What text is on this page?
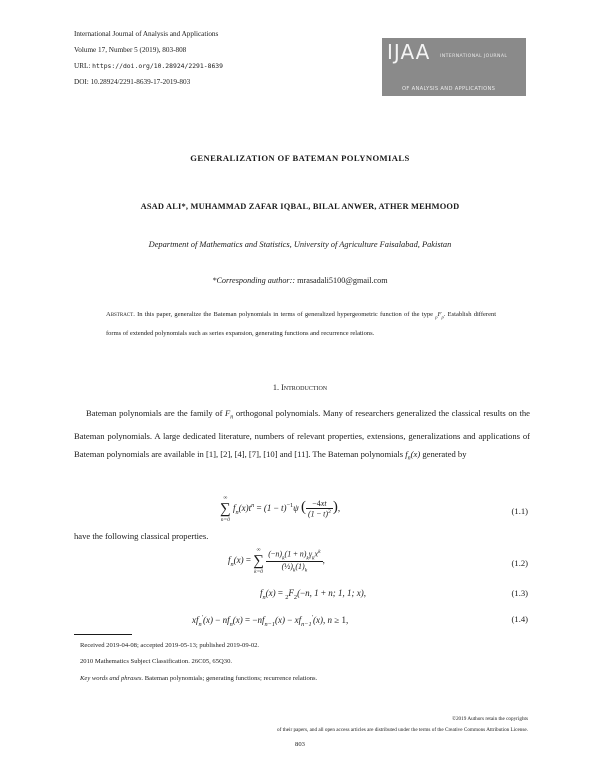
International Journal of Analysis and Applications
Volume 17, Number 5 (2019), 803-808
URL: https://doi.org/10.28924/2291-8639
DOI: 10.28924/2291-8639-17-2019-803
IJAA INTERNATIONAL JOURNAL
OF ANALYSIS AND APPLICATIONS
GENERALIZATION OF BATEMAN POLYNOMIALS
ASAD ALI*, MUHAMMAD ZAFAR IQBAL, BILAL ANWER, ATHER MEHMOOD
Department of Mathematics and Statistics, University of Agriculture Faisalabad, Pakistan
*Corresponding author:: mrasadali5100@gmail.com
Abstract. In this paper, generalize the Bateman polynomials in terms of generalized hypergeometric function of the type $_pF_p$. Establish different forms of extended polynomials such as series expansion, generating functions and recurrence relations.
1. Introduction
Bateman polynomials are the family of $F_n$ orthogonal polynomials. Many of researchers generalized the classical results on the Bateman polynomials. A large dedicated literature, numbers of relevant properties, extensions, generalizations and applications of Bateman polynomials are available in [1], [2], [4], [7], [10] and [11]. The Bateman polynomials $f_n(x)$ generated by
∞
∑
n=0
$f_n(x)t^n = (1 - t)^{-1}\psi$ ( $\frac{-4xt}{(1 - t)^2}$ ),	(1.1)
have the following classical properties.
$f_n(x)$ =
∞
∑
k=0
$\frac{(-n)_k(1 + n)_k\gamma_kx^k}{(\frac{1}{2})_k(1)_k}$ ,	(1.2)
$f_n(x) = _2F_2(-n$, 1 + n; 1, 1; x),	(1.3)
$xf_n'(x) - nf_n(x) = -nf_{n-1}(x) - xf_{n-1}'(x)$, n ≥ 1,	(1.4)
Received 2019-04-08; accepted 2019-05-13; published 2019-09-02.
2010 Mathematics Subject Classification. 26C05, 65Q30.
Key words and phrases. Bateman polynomials; generating functions; recurrence relations.
©2019 Authors retain the copyrights
of their papers, and all open access articles are distributed under the terms of the Creative Commons Attribution License.
803
